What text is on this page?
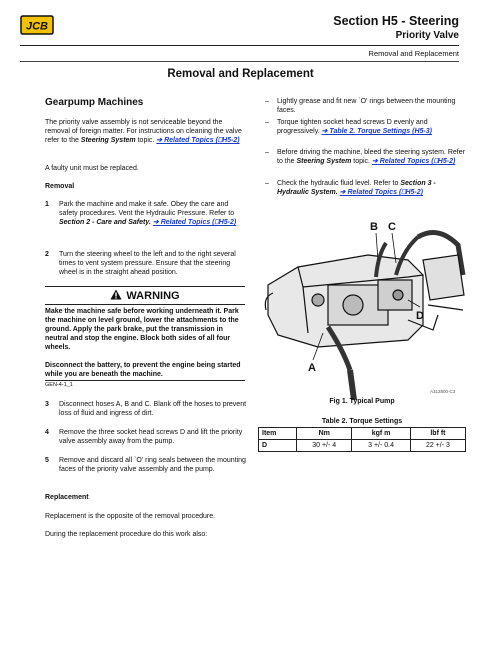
JCB	Section H5 - Steering
Priority Valve
Removal and Replacement
Removal and Replacement
Gearpump Machines
The priority valve assembly is not serviceable beyond the removal of foreign matter. For instructions on cleaning the valve refer to the Steering System topic. ➔ Related Topics (⎕H5-2)
A faulty unit must be replaced.
Removal
1	Park the machine and make it safe. Obey the care and safety procedures. Vent the Hydraulic Pressure. Refer to Section 2 - Care and Safety. ➔ Related Topics (⎕H5-2)
2	Turn the steering wheel to the left and to the right several times to vent system pressure. Ensure that the steering wheel is in the straight ahead position.
WARNING
Make the machine safe before working underneath it. Park the machine on level ground, lower the attachments to the ground. Apply the park brake, put the transmission in neutral and stop the engine. Block both sides of all four wheels.
Disconnect the battery, to prevent the engine being started while you are beneath the machine.
GEN-4-1_1
3	Disconnect hoses A, B and C. Blank off the hoses to prevent loss of fluid and ingress of dirt.
4	Remove the three socket head screws D and lift the priority valve assembly away from the pump.
5	Remove and discard all `O' ring seals between the mounting faces of the priority valve assembly and the pump.
Replacement
Replacement is the opposite of the removal procedure.
During the replacement procedure do this work also:
–	Lightly grease and fit new `O' rings between the mounting faces.
–	Torque tighten socket head screws D evenly and progressively. ➔ Table 2. Torque Settings (H5-3)
–	Before driving the machine, bleed the steering system. Refer to the Steering System topic. ➔ Related Topics (⎕H5-2)
–	Check the hydraulic fluid level. Refer to Section 3 - Hydraulic System. ➔ Related Topics (⎕H5-2)
B C
A
D
A312800-C3
Fig 1. Typical Pump
Table 2. Torque Settings
Item	Nm	kgf m	lbf ft
D	30 +/- 4	3 +/- 0.4	22 +/- 3
